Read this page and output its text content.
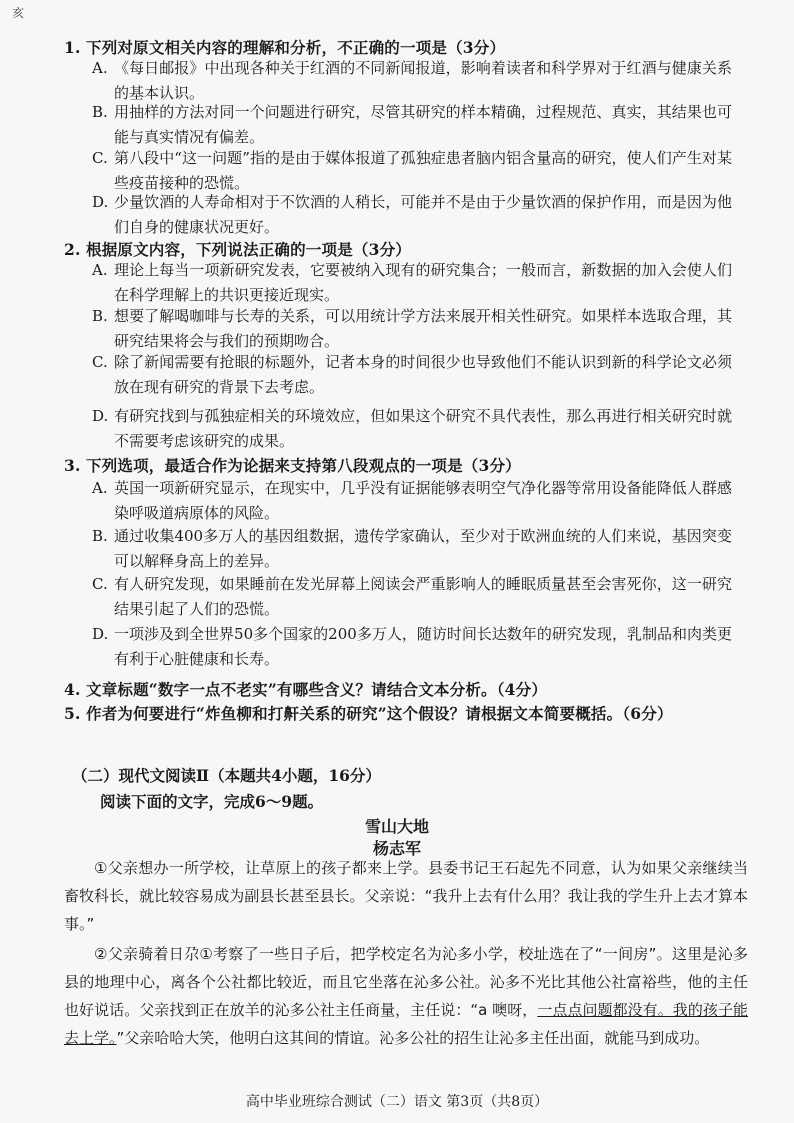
亥
1. 下列对原文相关内容的理解和分析，不正确的一项是（3分）
A. 《每日邮报》中出现各种关于红酒的不同新闻报道，影响着读者和科学界对于红酒与健康关系的基本认识。
B. 用抽样的方法对同一个问题进行研究，尽管其研究的样本精确，过程规范、真实，其结果也可能与真实情况有偏差。
C. 第八段中“这一问题”指的是由于媒体报道了孤独症患者脑内铝含量高的研究，使人们产生对某些疫苗接种的恐慌。
D. 少量饮酒的人寿命相对于不饮酒的人稍长，可能并不是由于少量饮酒的保护作用，而是因为他们自身的健康状况更好。
2. 根据原文内容，下列说法正确的一项是（3分）
A. 理论上每当一项新研究发表，它要被纳入现有的研究集合；一般而言，新数据的加入会使人们在科学理解上的共识更接近现实。
B. 想要了解喝咖啡与长寿的关系，可以用统计学方法来展开相关性研究。如果样本选取合理，其研究结果将会与我们的预期吻合。
C. 除了新闻需要有抢眼的标题外，记者本身的时间很少也导致他们不能认识到新的科学论文必须放在现有研究的背景下去考虑。
D. 有研究找到与孤独症相关的环境效应，但如果这个研究不具代表性，那么再进行相关研究时就不需要考虑该研究的成果。
3. 下列选项，最适合作为论据来支持第八段观点的一项是（3分）
A. 英国一项新研究显示，在现实中，几乎没有证据能够表明空气净化器等常用设备能降低人群感染呼吸道病原体的风险。
B. 通过收集400多万人的基因组数据，遗传学家确认，至少对于欧洲血统的人们来说，基因突变可以解释身高上的差异。
C. 有人研究发现，如果睡前在发光屏幕上阅读会严重影响人的睡眠质量甚至会害死你，这一研究结果引起了人们的恐慌。
D. 一项涉及到全世界50多个国家的200多万人，随访时间长达数年的研究发现，乳制品和肉类更有利于心脏健康和长寿。
4. 文章标题“数字一点不老实”有哪些含义？请结合文本分析。（4分）
5. 作者为何要进行“炸鱼柳和打鼾关系的研究”这个假设？请根据文本简要概括。（6分）
（二）现代文阅读Ⅱ（本题共4小题，16分）
阅读下面的文字，完成6～9题。
雪山大地
杨志军
①父亲想办一所学校，让草原上的孩子都来上学。县委书记王石起先不同意，认为如果父亲继续当畜牧科长，就比较容易成为副县长甚至县长。父亲说：“我升上去有什么用？我让我的学生升上去才算本事。”
②父亲骑着日尕①考察了一些日子后，把学校定名为沁多小学，校址选在了“一间房”。这里是沁多县的地理中心，离各个公社都比较近，而且它坐落在沁多公社。沁多不光比其他公社富裕些，他的主任也好说话。父亲找到正在放羊的沁多公社主任商量，主任说：“a 噢呀，一点点问题都没有。我的孩子能去上学。”父亲哈哈大笑，他明白这其间的情谊。沁多公社的招生让沁多主任出面，就能马到成功。
高中毕业班综合测试（二）语文 第3页（共8页）
